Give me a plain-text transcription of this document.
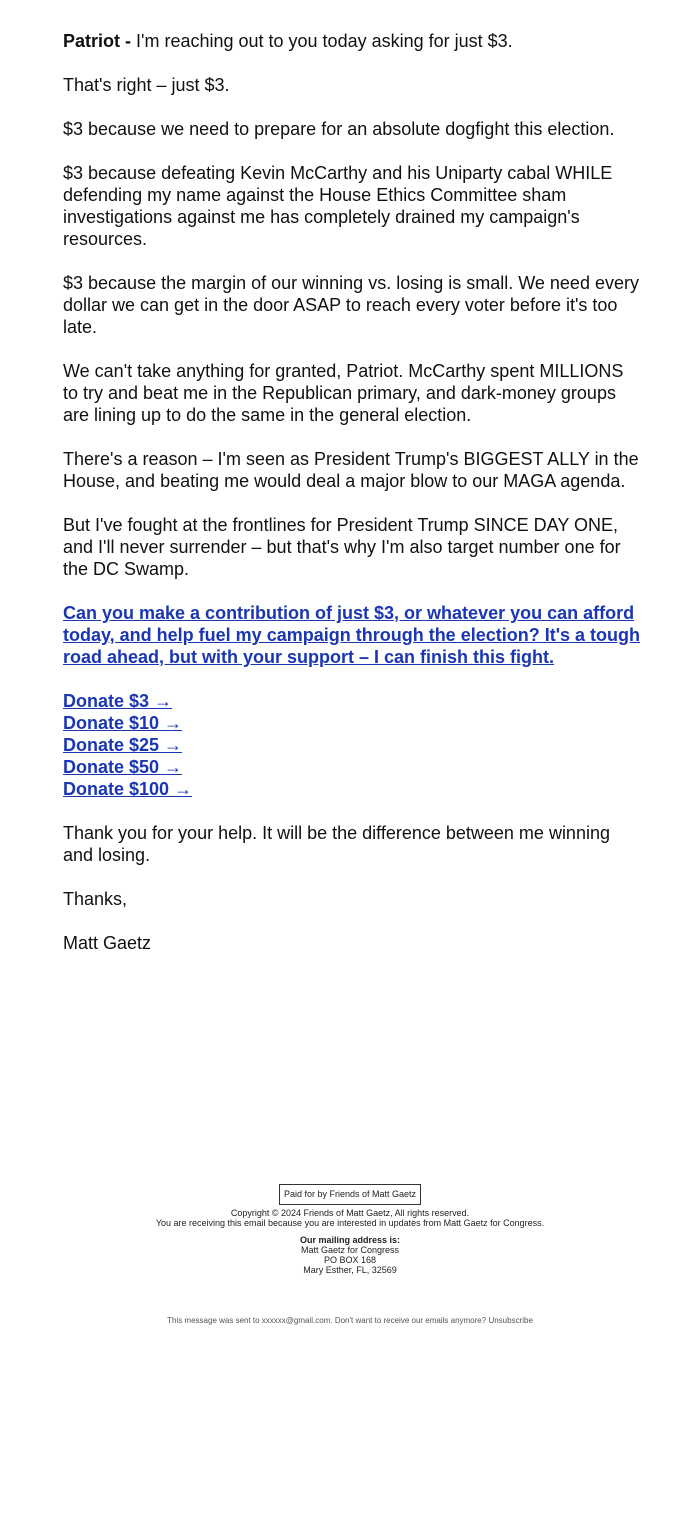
Patriot - I'm reaching out to you today asking for just $3.

That's right – just $3.

$3 because we need to prepare for an absolute dogfight this election.

$3 because defeating Kevin McCarthy and his Uniparty cabal WHILE defending my name against the House Ethics Committee sham investigations against me has completely drained my campaign's resources.

$3 because the margin of our winning vs. losing is small. We need every dollar we can get in the door ASAP to reach every voter before it's too late.

We can't take anything for granted, Patriot. McCarthy spent MILLIONS to try and beat me in the Republican primary, and dark-money groups are lining up to do the same in the general election.

There's a reason – I'm seen as President Trump's BIGGEST ALLY in the House, and beating me would deal a major blow to our MAGA agenda.

But I've fought at the frontlines for President Trump SINCE DAY ONE, and I'll never surrender – but that's why I'm also target number one for the DC Swamp.

Can you make a contribution of just $3, or whatever you can afford today, and help fuel my campaign through the election? It's a tough road ahead, but with your support – I can finish this fight.

Donate $3 →
Donate $10 →
Donate $25 →
Donate $50 →
Donate $100 →

Thank you for your help. It will be the difference between me winning and losing.

Thanks,

Matt Gaetz

Paid for by Friends of Matt Gaetz
Copyright © 2024 Friends of Matt Gaetz, All rights reserved.
You are receiving this email because you are interested in updates from Matt Gaetz for Congress.
Our mailing address is:
Matt Gaetz for Congress
PO BOX 168
Mary Esther, FL, 32569
This message was sent to xxxxxx@gmail.com. Don't want to receive our emails anymore? Unsubscribe
